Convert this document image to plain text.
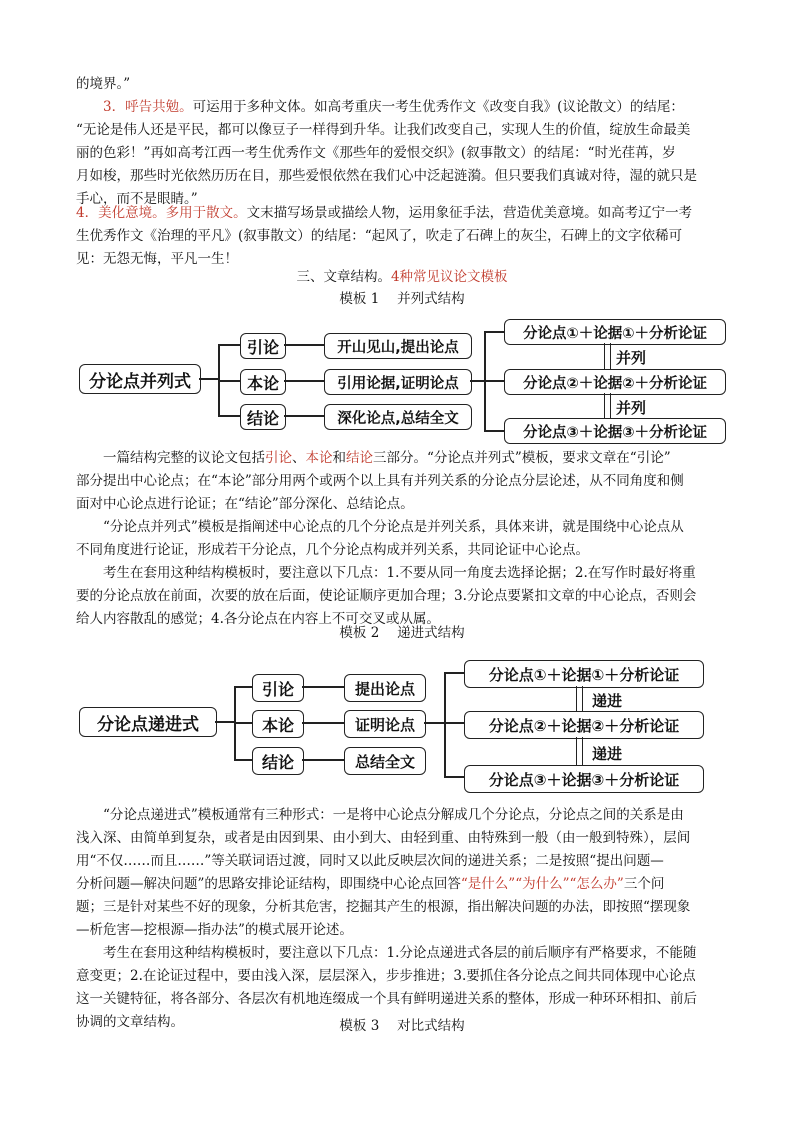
的境界。”
3．呼告共勉。可运用于多种文体。如高考重庆一考生优秀作文《改变自我》(议论散文）的结尾：
“无论是伟人还是平民，都可以像豆子一样得到升华。让我们改变自己，实现人生的价值，绽放生命最美
丽的色彩！”再如高考江西一考生优秀作文《那些年的爱恨交织》(叙事散文）的结尾：“时光荏苒，岁
月如梭，那些时光依然历历在目，那些爱恨依然在我们心中泛起涟漪。但只要我们真诚对待，湿的就只是
手心，而不是眼睛。”
4．美化意境。多用于散文。文末描写场景或描绘人物，运用象征手法，营造优美意境。如高考辽宁一考
生优秀作文《治理的平凡》(叙事散文）的结尾：“起风了，吹走了石碑上的灰尘，石碑上的文字依稀可
见：无怨无悔，平凡一生！
三、文章结构。4种常见议论文模板
模板 1　 并列式结构
分论点并列式
引论
本论
结论
开山见山,提出论点
引用论据,证明论点
深化论点,总结全文
分论点①＋论据①＋分析论证
分论点②＋论据②＋分析论证
分论点③＋论据③＋分析论证
并列
并列
一篇结构完整的议论文包括引论、本论和结论三部分。“分论点并列式”模板，要求文章在“引论”
部分提出中心论点；在“本论”部分用两个或两个以上具有并列关系的分论点分层论述，从不同角度和侧
面对中心论点进行论证；在“结论”部分深化、总结论点。
“分论点并列式”模板是指阐述中心论点的几个分论点是并列关系，具体来讲，就是围绕中心论点从
不同角度进行论证，形成若干分论点，几个分论点构成并列关系，共同论证中心论点。
考生在套用这种结构模板时，要注意以下几点：1.不要从同一角度去选择论据；2.在写作时最好将重
要的分论点放在前面，次要的放在后面，使论证顺序更加合理；3.分论点要紧扣文章的中心论点，否则会
给人内容散乱的感觉；4.各分论点在内容上不可交叉或从属。
模板 2　 递进式结构
分论点递进式
引论
本论
结论
提出论点
证明论点
总结全文
分论点①＋论据①＋分析论证
分论点②＋论据②＋分析论证
分论点③＋论据③＋分析论证
递进
递进
“分论点递进式”模板通常有三种形式：一是将中心论点分解成几个分论点，分论点之间的关系是由
浅入深、由简单到复杂，或者是由因到果、由小到大、由轻到重、由特殊到一般（由一般到特殊），层间
用“不仅……而且……”等关联词语过渡，同时又以此反映层次间的递进关系；二是按照“提出问题—
分析问题—解决问题”的思路安排论证结构，即围绕中心论点回答“是什么”“为什么”“怎么办”三个问
题；三是针对某些不好的现象，分析其危害，挖掘其产生的根源，指出解决问题的办法，即按照“摆现象
—析危害—挖根源—指办法”的模式展开论述。
考生在套用这种结构模板时，要注意以下几点：1.分论点递进式各层的前后顺序有严格要求，不能随
意变更；2.在论证过程中，要由浅入深，层层深入，步步推进；3.要抓住各分论点之间共同体现中心论点
这一关键特征，将各部分、各层次有机地连缀成一个具有鲜明递进关系的整体，形成一种环环相扣、前后
协调的文章结构。	模板 3　 对比式结构
